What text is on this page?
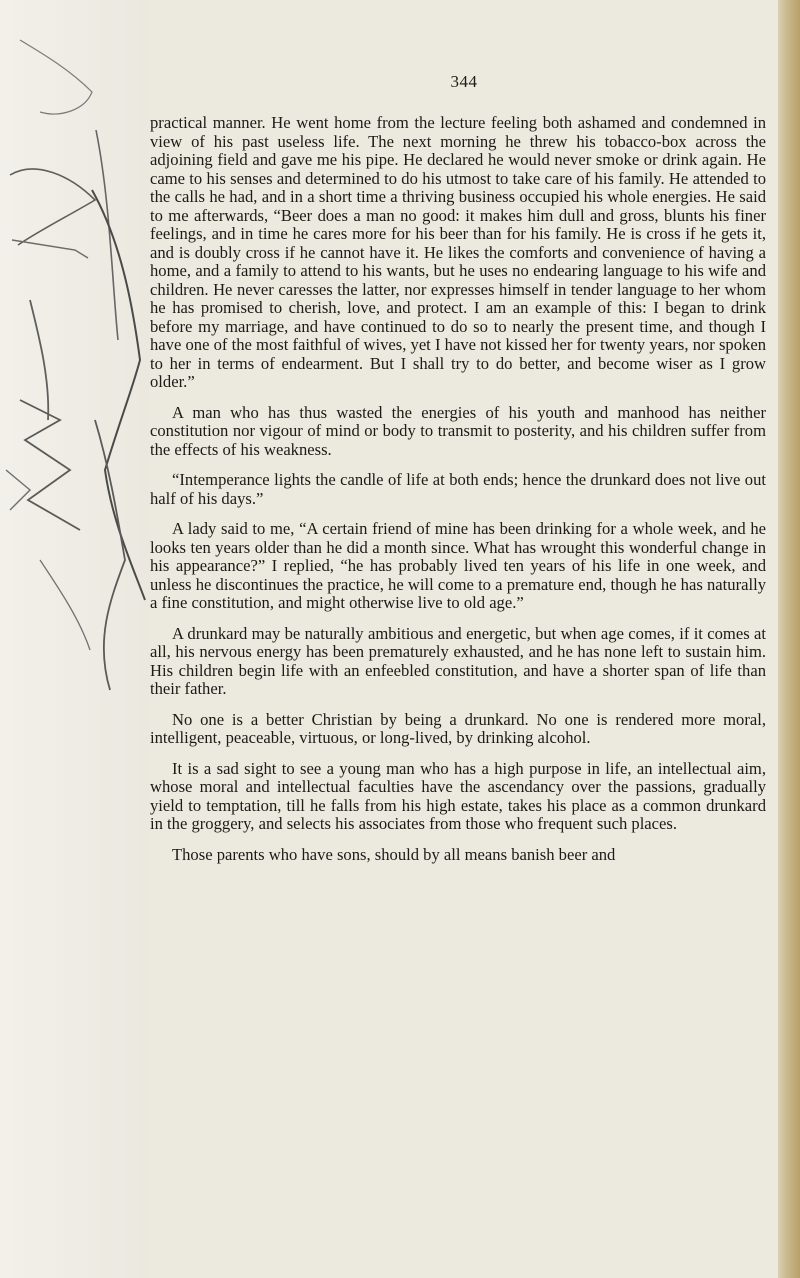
344

practical manner. He went home from the lecture feeling both ashamed and condemned in view of his past useless life. The next morning he threw his tobacco-box across the adjoining field and gave me his pipe. He declared he would never smoke or drink again. He came to his senses and determined to do his utmost to take care of his family. He attended to the calls he had, and in a short time a thriving business occupied his whole energies. He said to me afterwards, “Beer does a man no good: it makes him dull and gross, blunts his finer feelings, and in time he cares more for his beer than for his family. He is cross if he gets it, and is doubly cross if he cannot have it. He likes the comforts and convenience of having a home, and a family to attend to his wants, but he uses no endearing language to his wife and children. He never caresses the latter, nor expresses himself in tender language to her whom he has promised to cherish, love, and protect. I am an example of this: I began to drink before my marriage, and have continued to do so to nearly the present time, and though I have one of the most faithful of wives, yet I have not kissed her for twenty years, nor spoken to her in terms of endearment. But I shall try to do better, and become wiser as I grow older.”

A man who has thus wasted the energies of his youth and manhood has neither constitution nor vigour of mind or body to transmit to posterity, and his children suffer from the effects of his weakness.

“Intemperance lights the candle of life at both ends; hence the drunkard does not live out half of his days.”

A lady said to me, “A certain friend of mine has been drinking for a whole week, and he looks ten years older than he did a month since. What has wrought this wonderful change in his appearance?” I replied, “he has probably lived ten years of his life in one week, and unless he discontinues the practice, he will come to a premature end, though he has naturally a fine constitution, and might otherwise live to old age.”

A drunkard may be naturally ambitious and energetic, but when age comes, if it comes at all, his nervous energy has been prematurely exhausted, and he has none left to sustain him. His children begin life with an enfeebled constitution, and have a shorter span of life than their father.

No one is a better Christian by being a drunkard. No one is rendered more moral, intelligent, peaceable, virtuous, or long-lived, by drinking alcohol.

It is a sad sight to see a young man who has a high purpose in life, an intellectual aim, whose moral and intellectual faculties have the ascendancy over the passions, gradually yield to temptation, till he falls from his high estate, takes his place as a common drunkard in the groggery, and selects his associates from those who frequent such places.

Those parents who have sons, should by all means banish beer and
